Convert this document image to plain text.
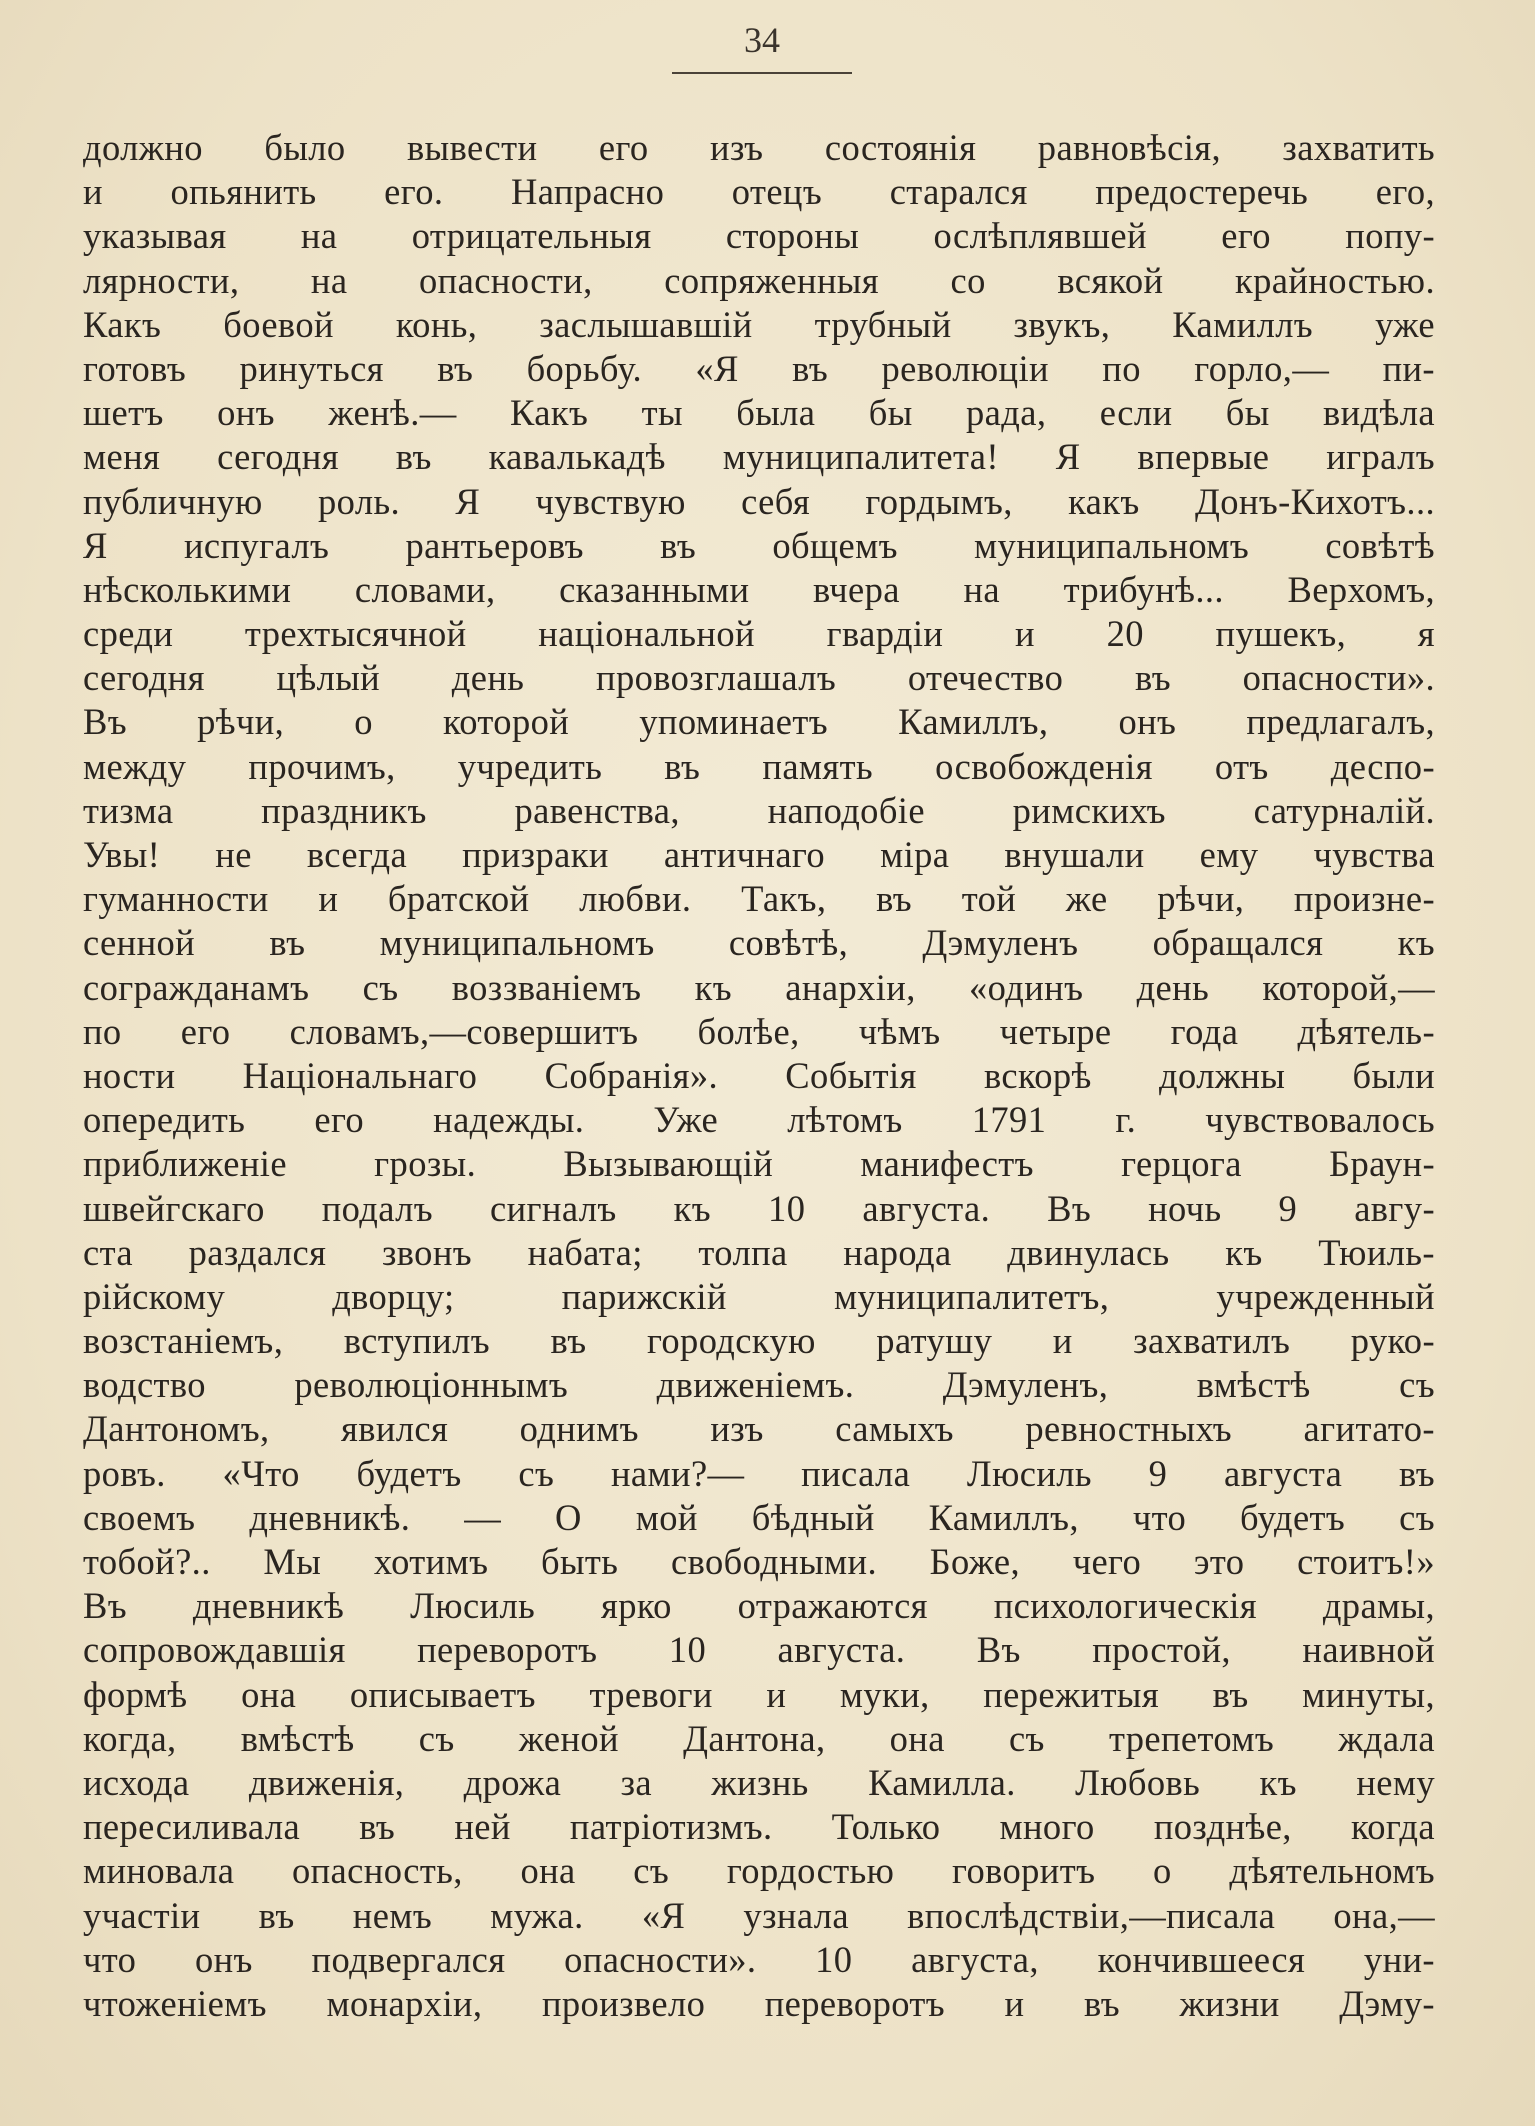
34
должно было вывести его изъ состоянія равновѣсія, захватить
и опьянить его. Напрасно отецъ старался предостеречь его,
указывая на отрицательныя стороны ослѣплявшей его попу-
лярности, на опасности, сопряженныя со всякой крайностью.
Какъ боевой конь, заслышавшій трубный звукъ, Камиллъ уже
готовъ ринуться въ борьбу. «Я въ революціи по горло,— пи-
шетъ онъ женѣ.— Какъ ты была бы рада, если бы видѣла
меня сегодня въ кавалькадѣ муниципалитета! Я впервые игралъ
публичную роль. Я чувствую себя гордымъ, какъ Донъ-Кихотъ...
Я испугалъ рантьеровъ въ общемъ муниципальномъ совѣтѣ
нѣсколькими словами, сказанными вчера на трибунѣ... Верхомъ,
среди трехтысячной національной гвардіи и 20 пушекъ, я
сегодня цѣлый день провозглашалъ отечество въ опасности».
Въ рѣчи, о которой упоминаетъ Камиллъ, онъ предлагалъ,
между прочимъ, учредить въ память освобожденія отъ деспо-
тизма праздникъ равенства, наподобіе римскихъ сатурналій.
Увы! не всегда призраки античнаго міра внушали ему чувства
гуманности и братской любви. Такъ, въ той же рѣчи, произне-
сенной въ муниципальномъ совѣтѣ, Дэмуленъ обращался къ
согражданамъ съ воззваніемъ къ анархіи, «одинъ день которой,—
по его словамъ,—совершитъ болѣе, чѣмъ четыре года дѣятель-
ности Національнаго Собранія». Событія вскорѣ должны были
опередить его надежды. Уже лѣтомъ 1791 г. чувствовалось
приближеніе грозы. Вызывающій манифестъ герцога Браун-
швейгскаго подалъ сигналъ къ 10 августа. Въ ночь 9 авгу-
ста раздался звонъ набата; толпа народа двинулась къ Тюиль-
рійскому дворцу; парижскій муниципалитетъ, учрежденный
возстаніемъ, вступилъ въ городскую ратушу и захватилъ руко-
водство революціоннымъ движеніемъ. Дэмуленъ, вмѣстѣ съ
Дантономъ, явился однимъ изъ самыхъ ревностныхъ агитато-
ровъ. «Что будетъ съ нами?— писала Люсиль 9 августа въ
своемъ дневникѣ. — О мой бѣдный Камиллъ, что будетъ съ
тобой?.. Мы хотимъ быть свободными. Боже, чего это стоитъ!»
Въ дневникѣ Люсиль ярко отражаются психологическія драмы,
сопровождавшія переворотъ 10 августа. Въ простой, наивной
формѣ она описываетъ тревоги и муки, пережитыя въ минуты,
когда, вмѣстѣ съ женой Дантона, она съ трепетомъ ждала
исхода движенія, дрожа за жизнь Камилла. Любовь къ нему
пересиливала въ ней патріотизмъ. Только много позднѣе, когда
миновала опасность, она съ гордостью говоритъ о дѣятельномъ
участіи въ немъ мужа. «Я узнала впослѣдствіи,—писала она,—
что онъ подвергался опасности». 10 августа, кончившееся уни-
чтоженіемъ монархіи, произвело переворотъ и въ жизни Дэму-
